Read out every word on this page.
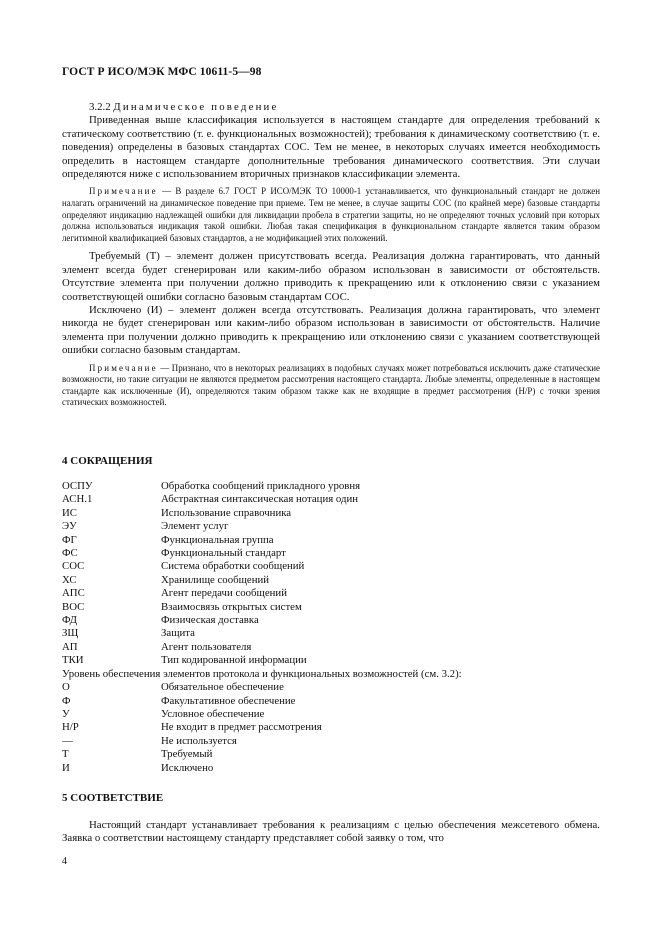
ГОСТ Р ИСО/МЭК МФС 10611-5—98

3.2.2 Динамическое поведение

Приведенная выше классификация используется в настоящем стандарте для определения требований к статическому соответствию (т. е. функциональных возможностей); требования к динамическому соответствию (т. е. поведения) определены в базовых стандартах СОС. Тем не менее, в некоторых случаях имеется необходимость определить в настоящем стандарте дополнительные требования динамического соответствия. Эти случаи определяются ниже с использованием вторичных признаков классификации элемента.

Примечание — В разделе 6.7 ГОСТ Р ИСО/МЭК ТО 10000-1 устанавливается, что функциональный стандарт не должен налагать ограничений на динамическое поведение при приеме. Тем не менее, в случае защиты СОС (по крайней мере) базовые стандарты определяют индикацию надлежащей ошибки для ликвидации пробела в стратегии защиты, но не определяют точных условий при которых должна использоваться индикация такой ошибки. Любая такая спецификация в функциональном стандарте является таким образом легитимной квалификацией базовых стандартов, а не модификацией этих положений.

Требуемый (Т) – элемент должен присутствовать всегда. Реализация должна гарантировать, что данный элемент всегда будет сгенерирован или каким-либо образом использован в зависимости от обстоятельств. Отсутствие элемента при получении должно приводить к прекращению или к отклонению связи с указанием соответствующей ошибки согласно базовым стандартам СОС.

Исключено (И) – элемент должен всегда отсутствовать. Реализация должна гарантировать, что элемент никогда не будет сгенерирован или каким-либо образом использован в зависимости от обстоятельств. Наличие элемента при получении должно приводить к прекращению или отклонению связи с указанием соответствующей ошибки согласно базовым стандартам.

Примечание — Признано, что в некоторых реализациях в подобных случаях может потребоваться исключить даже статические возможности, но такие ситуации не являются предметом рассмотрения настоящего стандарта. Любые элементы, определенные в настоящем стандарте как исключенные (И), определяются таким образом также как не входящие в предмет рассмотрения (Н/Р) с точки зрения статических возможностей.

4 СОКРАЩЕНИЯ

ОСПУ	Обработка сообщений прикладного уровня
АСН.1	Абстрактная синтаксическая нотация один
ИС	Использование справочника
ЭУ	Элемент услуг
ФГ	Функциональная группа
ФС	Функциональный стандарт
СОС	Система обработки сообщений
ХС	Хранилище сообщений
АПС	Агент передачи сообщений
ВОС	Взаимосвязь открытых систем
ФД	Физическая доставка
ЗЩ	Защита
АП	Агент пользователя
ТКИ	Тип кодированной информации
Уровень обеспечения элементов протокола и функциональных возможностей (см. 3.2):
О	Обязательное обеспечение
Ф	Факультативное обеспечение
У	Условное обеспечение
Н/Р	Не входит в предмет рассмотрения
—	Не используется
Т	Требуемый
И	Исключено

5 СООТВЕТСТВИЕ

Настоящий стандарт устанавливает требования к реализациям с целью обеспечения межсетевого обмена. Заявка о соответствии настоящему стандарту представляет собой заявку о том, что

4
